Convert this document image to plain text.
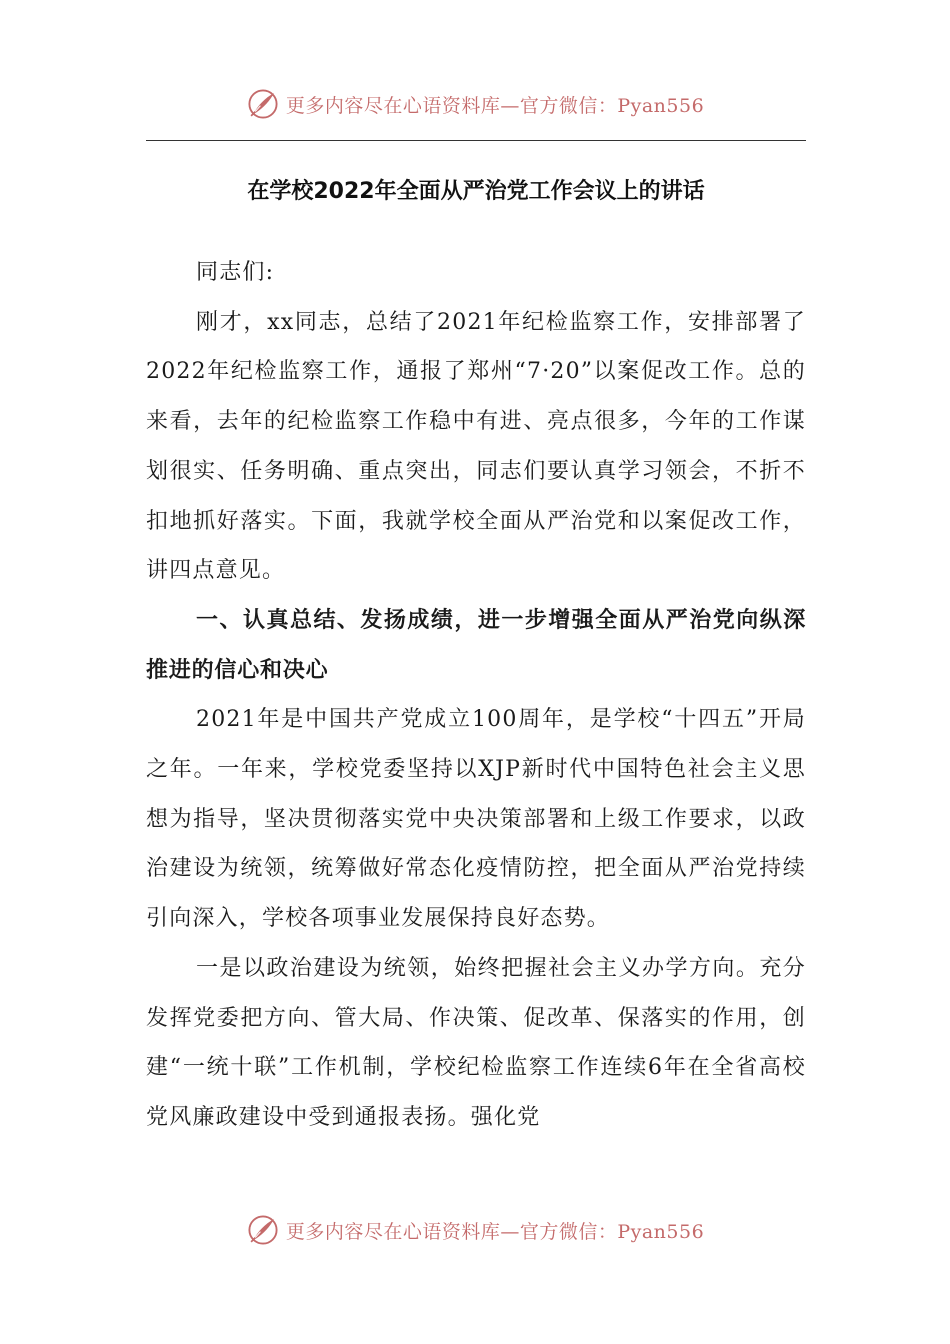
更多内容尽在心语资料库—官方微信：Pyan556
在学校2022年全面从严治党工作会议上的讲话

同志们:

刚才，xx同志，总结了2021年纪检监察工作，安排部署了2022年纪检监察工作，通报了郑州“7·20”以案促改工作。总的来看，去年的纪检监察工作稳中有进、亮点很多，今年的工作谋划很实、任务明确、重点突出，同志们要认真学习领会，不折不扣地抓好落实。下面，我就学校全面从严治党和以案促改工作，讲四点意见。

一、认真总结、发扬成绩，进一步增强全面从严治党向纵深推进的信心和决心

2021年是中国共产党成立100周年，是学校“十四五”开局之年。一年来，学校党委坚持以XJP新时代中国特色社会主义思想为指导，坚决贯彻落实党中央决策部署和上级工作要求，以政治建设为统领，统筹做好常态化疫情防控，把全面从严治党持续引向深入，学校各项事业发展保持良好态势。

一是以政治建设为统领，始终把握社会主义办学方向。充分发挥党委把方向、管大局、作决策、促改革、保落实的作用，创建“一统十联”工作机制，学校纪检监察工作连续6年在全省高校党风廉政建设中受到通报表扬。强化党

更多内容尽在心语资料库—官方微信：Pyan556
